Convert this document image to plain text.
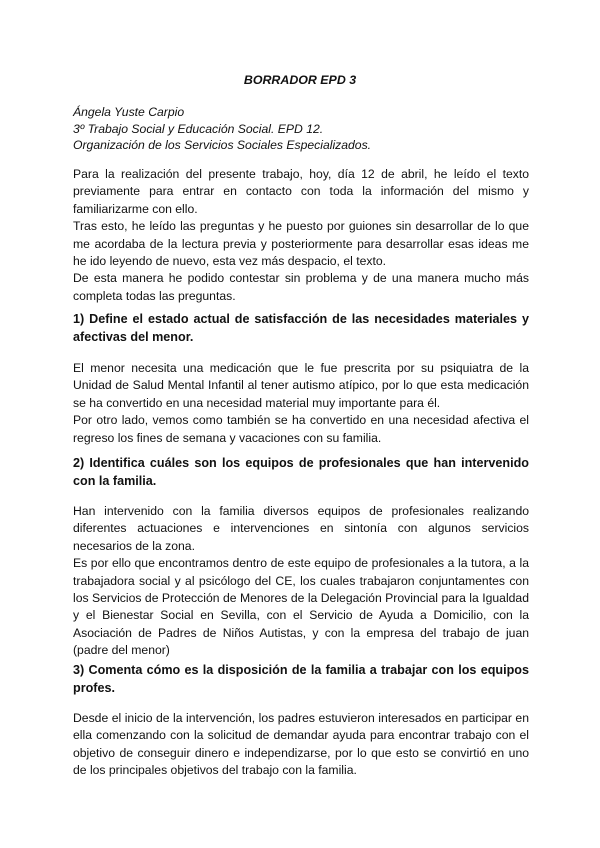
BORRADOR EPD 3
Ángela Yuste Carpio
3º Trabajo Social y Educación Social. EPD 12.
Organización de los Servicios Sociales Especializados.

Para la realización del presente trabajo, hoy, día 12 de abril, he leído el texto previamente para entrar en contacto con toda la información del mismo y familiarizarme con ello.

Tras esto, he leído las preguntas y he puesto por guiones sin desarrollar de lo que me acordaba de la lectura previa y posteriormente para desarrollar esas ideas me he ido leyendo de nuevo, esta vez más despacio, el texto.

De esta manera he podido contestar sin problema y de una manera mucho más completa todas las preguntas.

1) Define el estado actual de satisfacción de las necesidades materiales y afectivas del menor.

El menor necesita una medicación que le fue prescrita por su psiquiatra de la Unidad de Salud Mental Infantil al tener autismo atípico, por lo que esta medicación se ha convertido en una necesidad material muy importante para él.

Por otro lado, vemos como también se ha convertido en una necesidad afectiva el regreso los fines de semana y vacaciones con su familia.

2) Identifica cuáles son los equipos de profesionales que han intervenido con la familia.

Han intervenido con la familia diversos equipos de profesionales realizando diferentes actuaciones e intervenciones en sintonía con algunos servicios necesarios de la zona.

Es por ello que encontramos dentro de este equipo de profesionales a la tutora, a la trabajadora social y al psicólogo del CE, los cuales trabajaron conjuntamentes con los Servicios de Protección de Menores de la Delegación Provincial para la Igualdad y el Bienestar Social en Sevilla, con el Servicio de Ayuda a Domicilio, con la Asociación de Padres de Niños Autistas, y con la empresa del trabajo de juan (padre del menor)

3) Comenta cómo es la disposición de la familia a trabajar con los equipos profes.

Desde el inicio de la intervención, los padres estuvieron interesados en participar en ella comenzando con la solicitud de demandar ayuda para encontrar trabajo con el objetivo de conseguir dinero e independizarse, por lo que esto se convirtió en uno de los principales objetivos del trabajo con la familia.
